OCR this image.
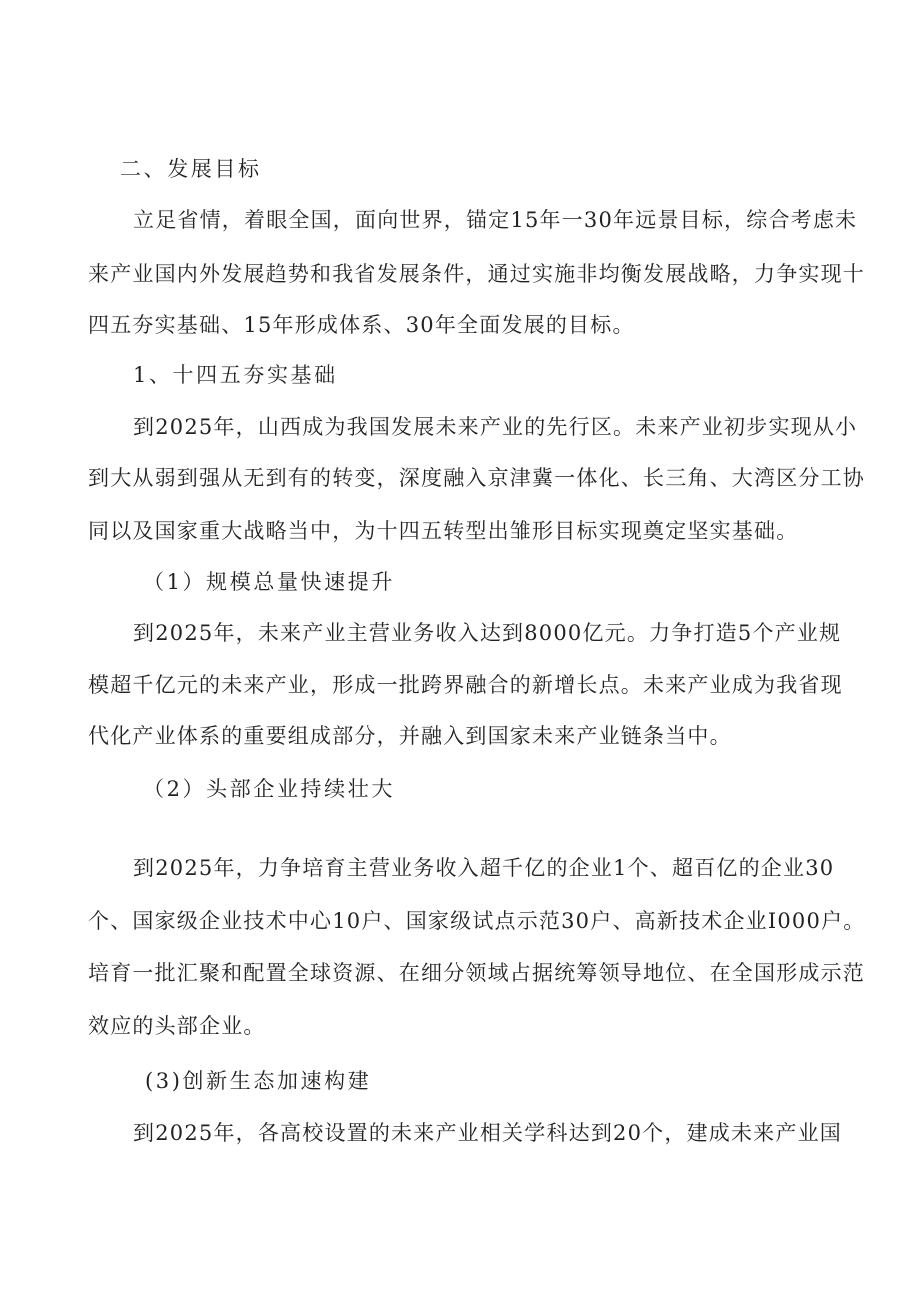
二、发展目标
立足省情，着眼全国，面向世界，锚定15年一30年远景目标，综合考虑未
来产业国内外发展趋势和我省发展条件，通过实施非均衡发展战略，力争实现十
四五夯实基础、15年形成体系、30年全面发展的目标。
1、十四五夯实基础
到2025年，山西成为我国发展未来产业的先行区。未来产业初步实现从小
到大从弱到强从无到有的转变，深度融入京津冀一体化、长三角、大湾区分工协
同以及国家重大战略当中，为十四五转型出雏形目标实现奠定坚实基础。
（1）规模总量快速提升
到2025年，未来产业主营业务收入达到8000亿元。力争打造5个产业规
模超千亿元的未来产业，形成一批跨界融合的新增长点。未来产业成为我省现
代化产业体系的重要组成部分，并融入到国家未来产业链条当中。
（2）头部企业持续壮大
到2025年，力争培育主营业务收入超千亿的企业1个、超百亿的企业30
个、国家级企业技术中心10户、国家级试点示范30户、高新技术企业I000户。
培育一批汇聚和配置全球资源、在细分领域占据统筹领导地位、在全国形成示范
效应的头部企业。
(3)创新生态加速构建
到2025年，各高校设置的未来产业相关学科达到20个，建成未来产业国
